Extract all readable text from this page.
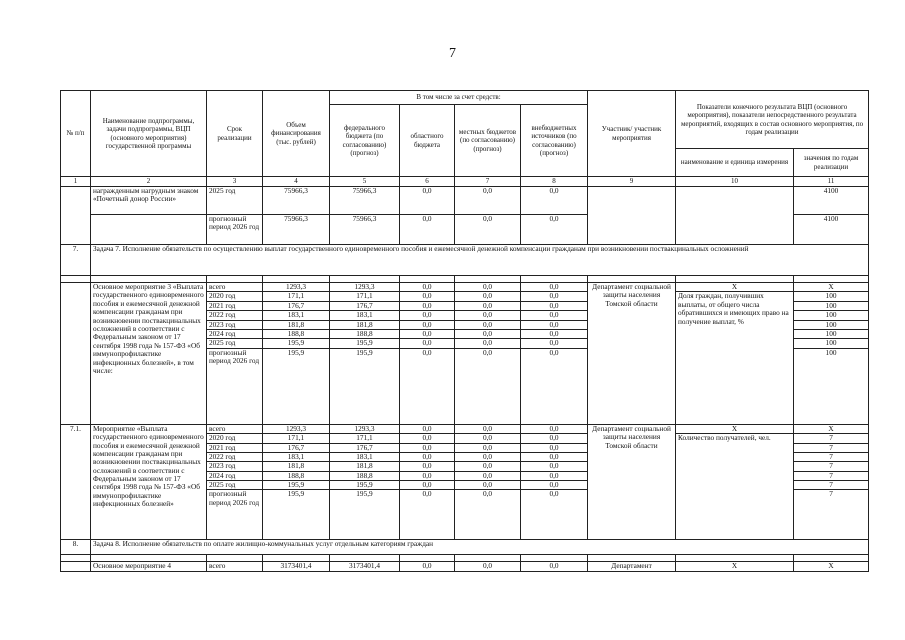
7
№ п/п	Наименование подпрограммы, задачи подпрограммы, ВЦП (основного мероприятия) государственной программы	Срок реализации	Объем финансирования (тыс. рублей)	В том числе за счет средств:				Участник/ участник мероприятия	Показатели конечного результата ВЦП (основного мероприятия), показатели непосредственного результата мероприятий, входящих в состав основного мероприятия, по годам реализации	
				федерального бюджета (по согласованию) (прогноз)	областного бюджета	местных бюджетов (по согласованию) (прогноз)	внебюджетных источников (по согласованию) (прогноз)			
									наименование и единица измерения	значения по годам реализации
1	2	3	4	5	6	7	8	9	10	11
	награжденным нагрудным знаком «Почетный донор России»	2025 год	75966,3	75966,3	0,0	0,0	0,0			4100
		прогнозный период 2026 год	75966,3	75966,3	0,0	0,0	0,0			4100
7.	Задача 7. Исполнение обязательств по осуществлению выплат государственного единовременного пособия и ежемесячной денежной компенсации гражданам при возникновении поствакцинальных осложнений									

	Основное мероприятие 3 «Выплата государственного единовременного пособия и ежемесячной денежной компенсации гражданам при возникновении поствакцинальных осложнений в соответствии с Федеральным законом от 17 сентября 1998 года № 157-ФЗ «Об иммунопрофилактике инфекционных болезней», в том числе:	всего	1293,3	1293,3	0,0	0,0	0,0	Департамент социальной защиты населения Томской области	Х	Х
		2020 год	171,1	171,1	0,0	0,0	0,0		Доля граждан, получивших выплаты, от общего числа обратившихся и имеющих право на получение выплат, %	100
		2021 год	176,7	176,7	0,0	0,0	0,0			100
		2022 год	183,1	183,1	0,0	0,0	0,0			100
		2023 год	181,8	181,8	0,0	0,0	0,0			100
		2024 год	188,8	188,8	0,0	0,0	0,0			100
		2025 год	195,9	195,9	0,0	0,0	0,0			100
		прогнозный период 2026 год	195,9	195,9	0,0	0,0	0,0			100
7.1.	Мероприятие «Выплата государственного единовременного пособия и ежемесячной денежной компенсации гражданам при возникновении поствакцинальных осложнений в соответствии с Федеральным законом от 17 сентября 1998 года № 157-ФЗ «Об иммунопрофилактике инфекционных болезней»	всего	1293,3	1293,3	0,0	0,0	0,0	Департамент социальной защиты населения Томской области	Х	Х
		2020 год	171,1	171,1	0,0	0,0	0,0		Количество получателей, чел.	7
		2021 год	176,7	176,7	0,0	0,0	0,0			7
		2022 год	183,1	183,1	0,0	0,0	0,0			7
		2023 год	181,8	181,8	0,0	0,0	0,0			7
		2024 год	188,8	188,8	0,0	0,0	0,0			7
		2025 год	195,9	195,9	0,0	0,0	0,0			7
		прогнозный период 2026 год	195,9	195,9	0,0	0,0	0,0			7
8.	Задача 8. Исполнение обязательств по оплате жилищно-коммунальных услуг отдельным категориям граждан									

	Основное мероприятие 4	всего	3173401,4	3173401,4	0,0	0,0	0,0	Департамент	Х	Х
